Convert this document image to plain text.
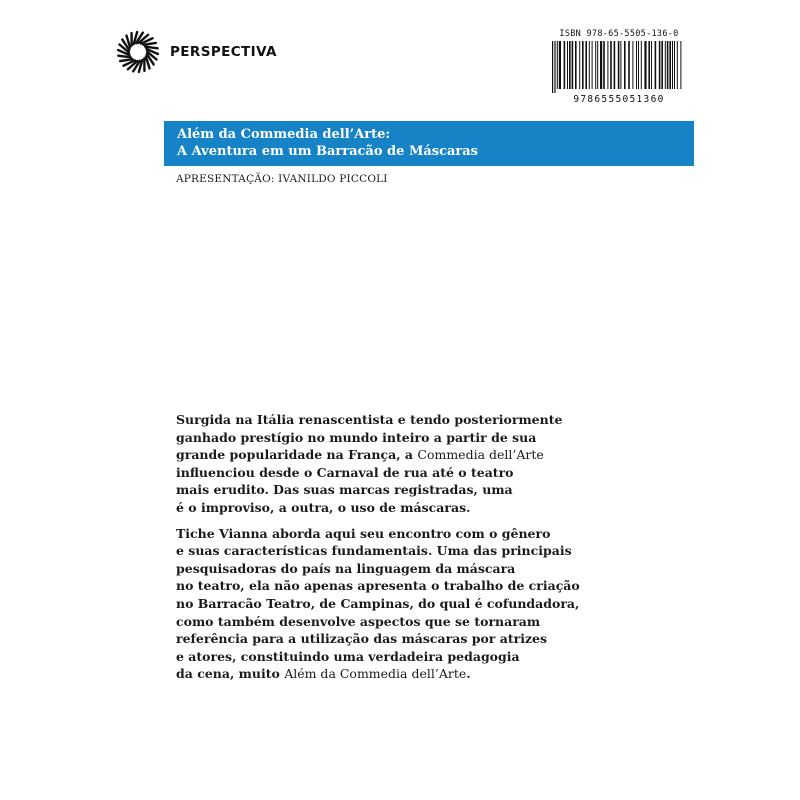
PERSPECTIVA
ISBN 978-65-5505-136-0
9786555051360
Além da Commedia dell’Arte:
A Aventura em um Barracão de Máscaras
APRESENTAÇÃO: IVANILDO PICCOLI

Surgida na Itália renascentista e tendo posteriormente
ganhado prestígio no mundo inteiro a partir de sua
grande popularidade na França, a Commedia dell’Arte
influenciou desde o Carnaval de rua até o teatro
mais erudito. Das suas marcas registradas, uma
é o improviso, a outra, o uso de máscaras.

Tiche Vianna aborda aqui seu encontro com o gênero
e suas características fundamentais. Uma das principais
pesquisadoras do país na linguagem da máscara
no teatro, ela não apenas apresenta o trabalho de criação
no Barracão Teatro, de Campinas, do qual é cofundadora,
como também desenvolve aspectos que se tornaram
referência para a utilização das máscaras por atrizes
e atores, constituindo uma verdadeira pedagogia
da cena, muito Além da Commedia dell’Arte.
